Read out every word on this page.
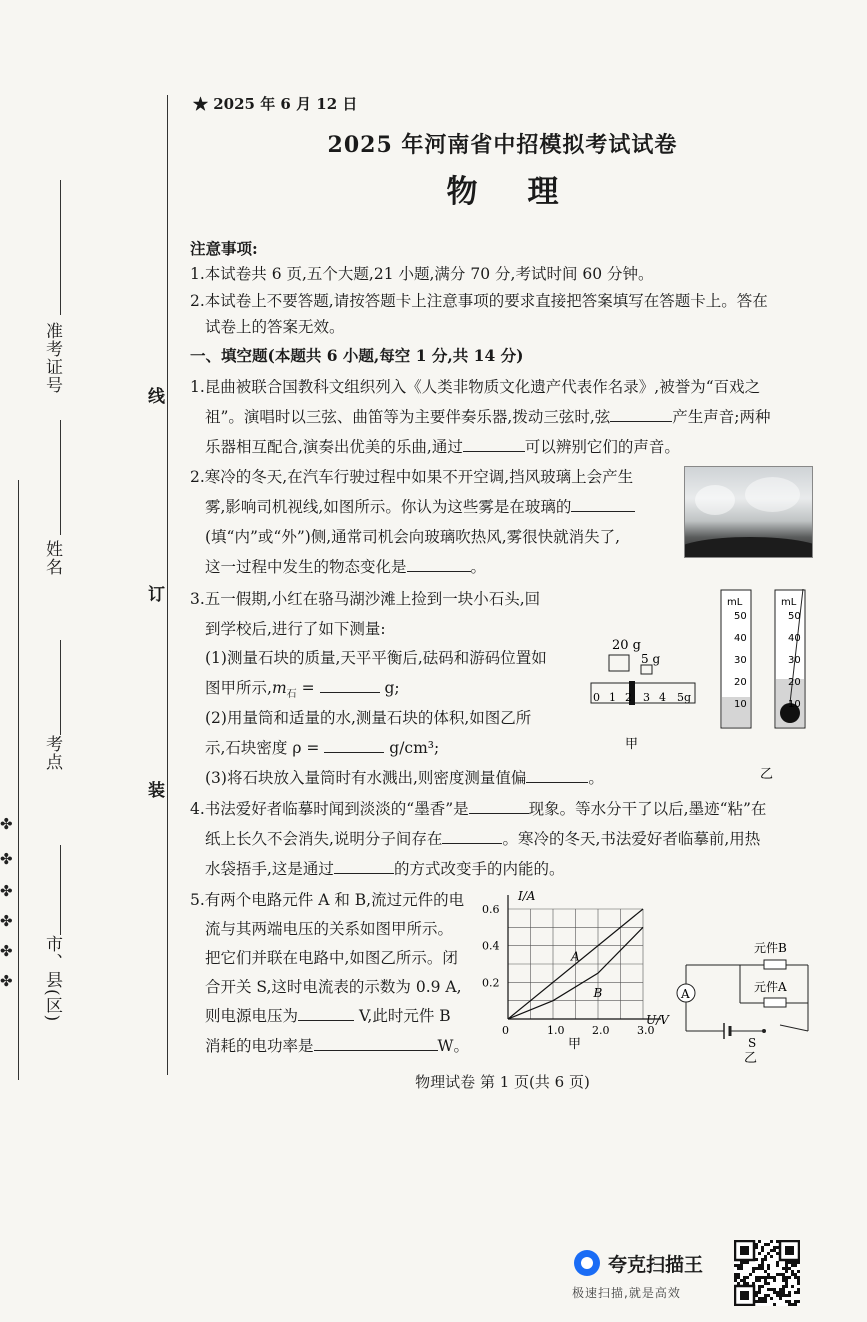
准考证号
姓名
考点
市、县(区)
✤
✤
✤
✤
✤
✤
线
订
装
★ 2025 年 6 月 12 日
2025 年河南省中招模拟考试试卷
物理
注意事项:
1.本试卷共 6 页,五个大题,21 小题,满分 70 分,考试时间 60 分钟。
2.本试卷上不要答题,请按答题卡上注意事项的要求直接把答案填写在答题卡上。答在
试卷上的答案无效。
一、填空题(本题共 6 小题,每空 1 分,共 14 分)
1.昆曲被联合国教科文组织列入《人类非物质文化遗产代表作名录》,被誉为“百戏之
祖”。演唱时以三弦、曲笛等为主要伴奏乐器,拨动三弦时,弦	产生声音;两种
乐器相互配合,演奏出优美的乐曲,通过	可以辨别它们的声音。
2.寒冷的冬天,在汽车行驶过程中如果不开空调,挡风玻璃上会产生
雾,影响司机视线,如图所示。你认为这些雾是在玻璃的
(填“内”或“外”)侧,通常司机会向玻璃吹热风,雾很快就消失了,
这一过程中发生的物态变化是	。
3.五一假期,小红在骆马湖沙滩上捡到一块小石头,回
到学校后,进行了如下测量:
(1)测量石块的质量,天平平衡后,砝码和游码位置如
图甲所示$,m_石$ =	g;
(2)用量筒和适量的水,测量石块的体积,如图乙所
示,石块密度 ρ =	g/cm³;
(3)将石块放入量筒时有水溅出,则密度测量值偏	。
20 g
5 g
0 1 2 3 4 5g
甲
mL
50
40
30
20
10
mL
50
40
30
20
10
乙
4.书法爱好者临摹时闻到淡淡的“墨香”是	现象。等水分干了以后,墨迹“粘”在
纸上长久不会消失,说明分子间存在	。寒冷的冬天,书法爱好者临摹前,用热
水袋捂手,这是通过	的方式改变手的内能的。
5.有两个电路元件 A 和 B,流过元件的电
流与其两端电压的关系如图甲所示。
把它们并联在电路中,如图乙所示。闭
合开关 S,这时电流表的示数为 0.9 A,
则电源电压为	V,此时元件 B
消耗的电功率是	W。
I/A
U/V
甲
0.6
0.4
0.2
0	1.0	2.0	3.0
A
B
元件B
元件A
A
S
乙
物理试卷 第 1 页(共 6 页)
夸克扫描王
极速扫描,就是高效
